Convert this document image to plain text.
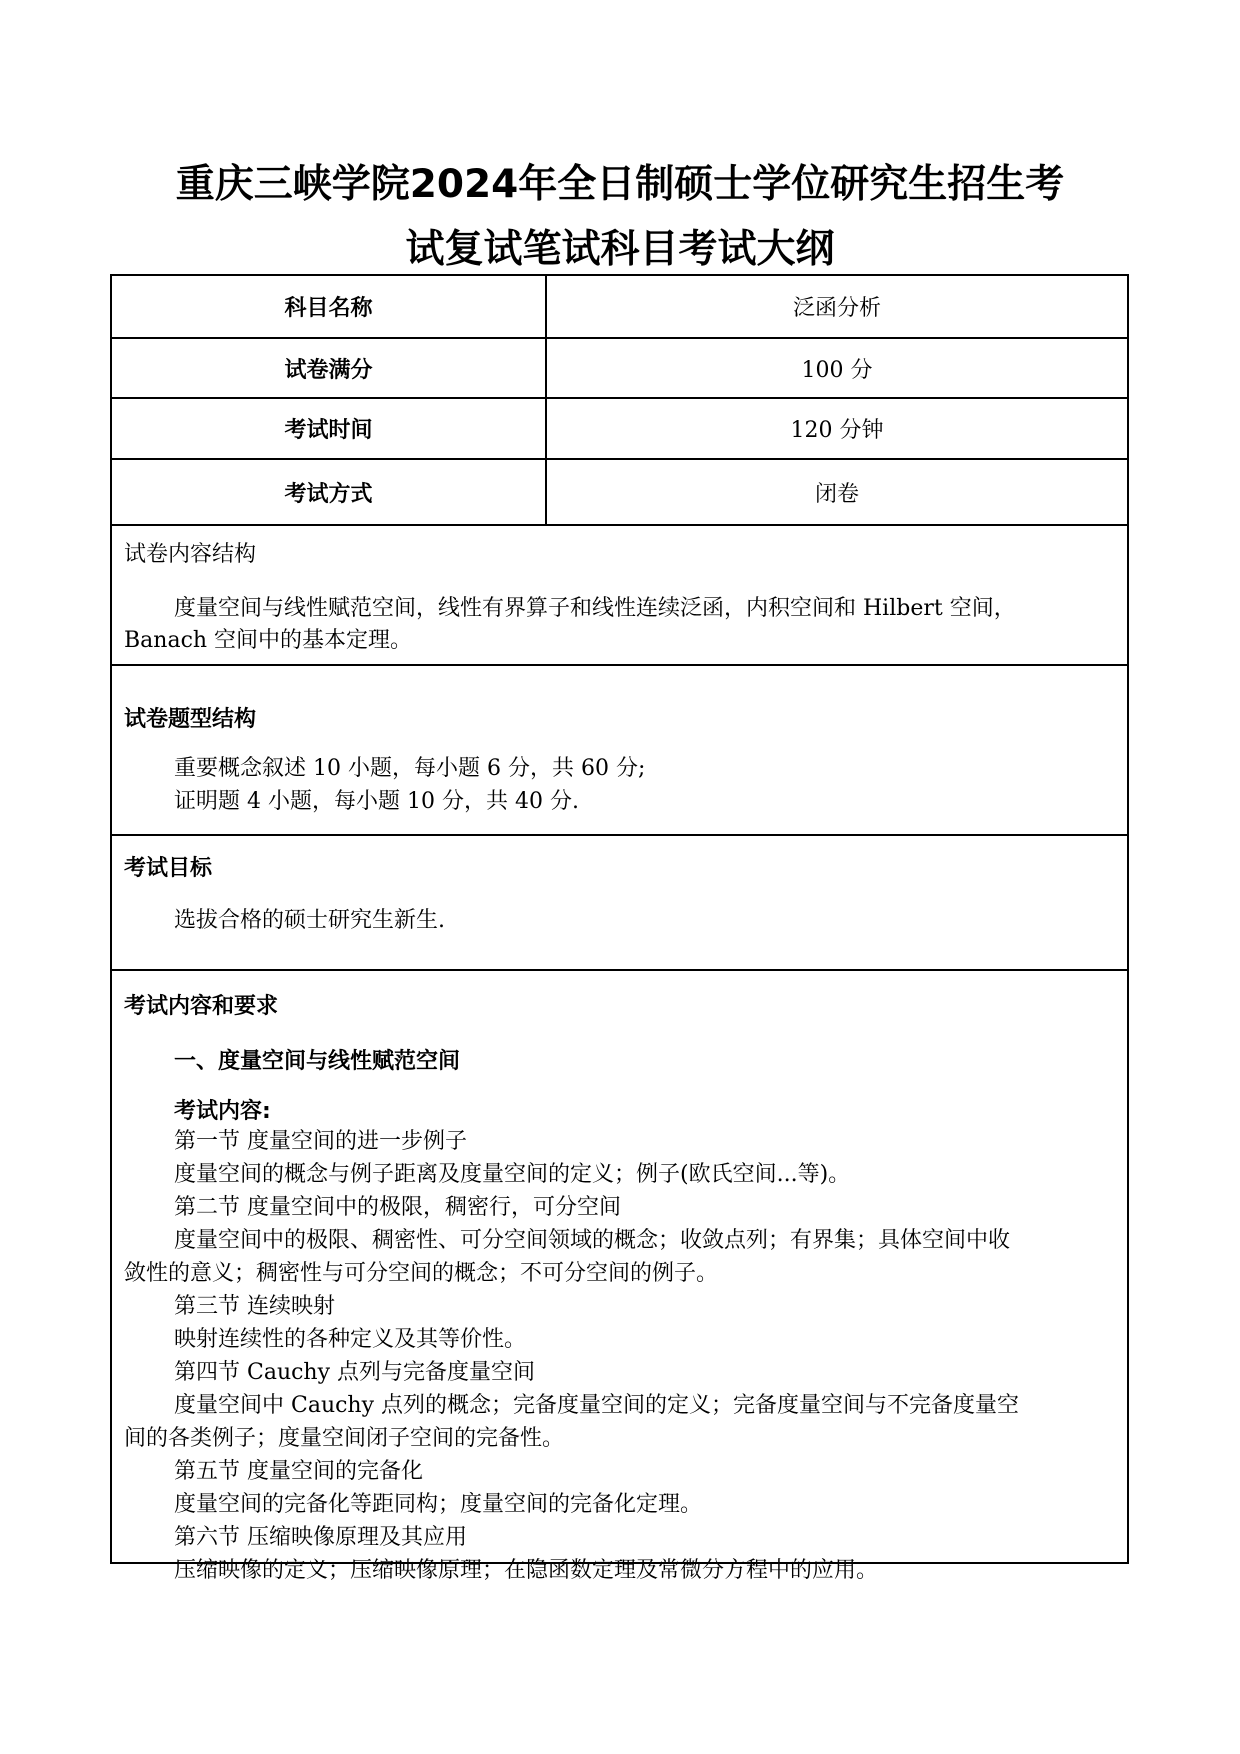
重庆三峡学院2024年全日制硕士学位研究生招生考
试复试笔试科目考试大纲
科目名称	泛函分析
试卷满分	100 分
考试时间	120 分钟
考试方式	闭卷
试卷内容结构
度量空间与线性赋范空间，线性有界算子和线性连续泛函，内积空间和 Hilbert 空间，
Banach 空间中的基本定理。
试卷题型结构
重要概念叙述 10 小题，每小题 6 分，共 60 分;
证明题 4 小题，每小题 10 分，共 40 分.
考试目标
选拔合格的硕士研究生新生.
考试内容和要求
一、度量空间与线性赋范空间
考试内容:
第一节 度量空间的进一步例子
度量空间的概念与例子距离及度量空间的定义；例子(欧氏空间...等)。
第二节 度量空间中的极限，稠密行，可分空间
度量空间中的极限、稠密性、可分空间领域的概念；收敛点列；有界集；具体空间中收
敛性的意义；稠密性与可分空间的概念；不可分空间的例子。
第三节 连续映射
映射连续性的各种定义及其等价性。
第四节 Cauchy 点列与完备度量空间
度量空间中 Cauchy 点列的概念；完备度量空间的定义；完备度量空间与不完备度量空
间的各类例子；度量空间闭子空间的完备性。
第五节 度量空间的完备化
度量空间的完备化等距同构；度量空间的完备化定理。
第六节 压缩映像原理及其应用
压缩映像的定义；压缩映像原理；在隐函数定理及常微分方程中的应用。
